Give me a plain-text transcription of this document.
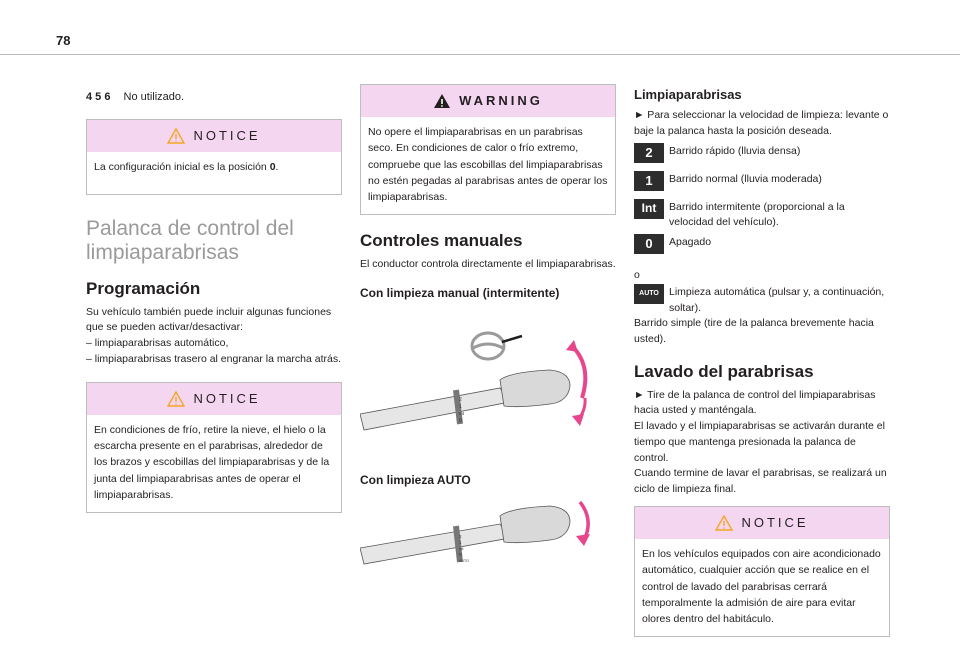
78
4 5 6 No utilizado.
NOTICE
La configuración inicial es la posición 0.
Palanca de control del
limpiaparabrisas
Programación

Su vehículo también puede incluir algunas funciones que se pueden activar/desactivar:

– limpiaparabrisas automático,

– limpiaparabrisas trasero al engranar la marcha atrás.

NOTICE
En condiciones de frío, retire la nieve, el hielo o la escarcha presente en el parabrisas, alrededor de los brazos y escobillas del limpiaparabrisas y de la junta del limpiaparabrisas antes de operar el limpiaparabrisas.
WARNING
No opere el limpiaparabrisas en un parabrisas seco. En condiciones de calor o frío extremo, compruebe que las escobillas del limpiaparabrisas no estén pegadas al parabrisas antes de operar los limpiaparabrisas.
Controles manuales

El conductor controla directamente el limpiaparabrisas.

Con limpieza manual (intermitente)
2
1
Int
0
Con limpieza AUTO
2
1
Int
0
AUTO
Limpiaparabrisas

► Para seleccionar la velocidad de limpieza: levante o baje la palanca hasta la posición deseada.

2	Barrido rápido (lluvia densa)

1	Barrido normal (lluvia moderada)

Int	Barrido intermitente (proporcional a la velocidad del vehículo).

0	Apagado

o

AUTO Limpieza automática (pulsar y, a continuación, soltar).

Barrido simple (tire de la palanca brevemente hacia usted).

Lavado del parabrisas

► Tire de la palanca de control del limpiaparabrisas hacia usted y manténgala.

El lavado y el limpiaparabrisas se activarán durante el tiempo que mantenga presionada la palanca de control.

Cuando termine de lavar el parabrisas, se realizará un ciclo de limpieza final.

NOTICE
En los vehículos equipados con aire acondicionado automático, cualquier acción que se realice en el control de lavado del parabrisas cerrará temporalmente la admisión de aire para evitar olores dentro del habitáculo.
